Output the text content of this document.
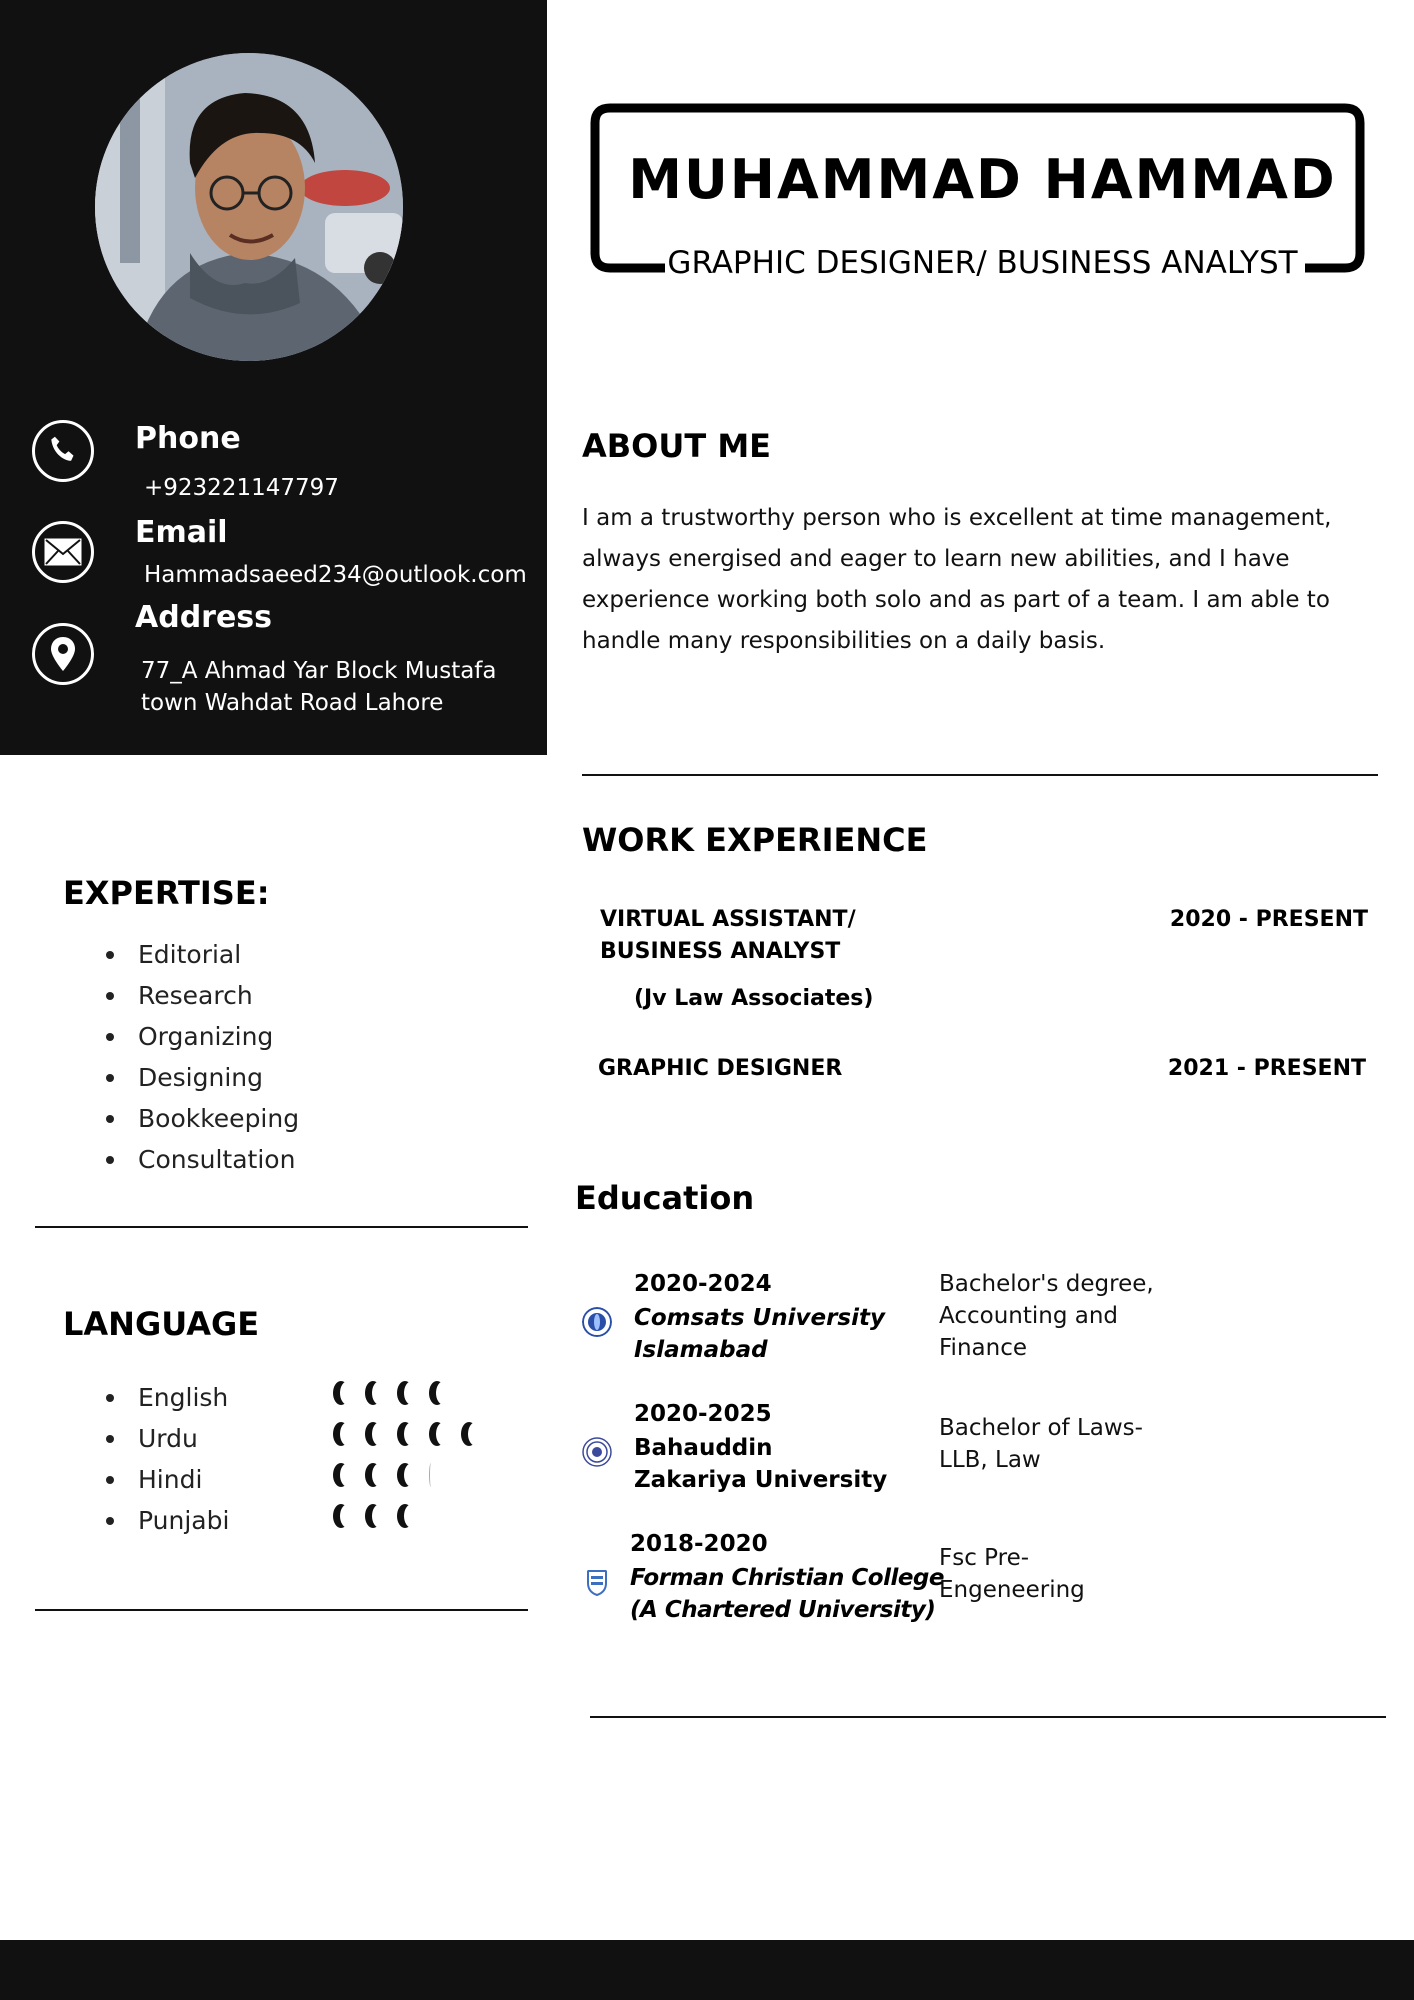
Phone
+923221147797
Email
Hammadsaeed234@outlook.com
Address
77_A Ahmad Yar Block Mustafa
town Wahdat Road Lahore
MUHAMMAD HAMMAD
GRAPHIC DESIGNER/ BUSINESS ANALYST
ABOUT ME
I am a trustworthy person who is excellent at time management, always energised and eager to learn new abilities, and I have experience working both solo and as part of a team. I am able to handle many responsibilities on a daily basis.
WORK EXPERIENCE
VIRTUAL ASSISTANT/
BUSINESS ANALYST
(Jv Law Associates)
2020 - PRESENT
GRAPHIC DESIGNER	2021 - PRESENT
EXPERTISE:
Editorial
Research
Organizing
Designing
Bookkeeping
Consultation
LANGUAGE
English
Urdu
Hindi
Punjabi
Education
2020-2024
Comsats University
Islamabad
Bachelor's degree,
Accounting and
Finance
2020-2025
Bahauddin
Zakariya University
Bachelor of Laws-
LLB, Law
2018-2020
Forman Christian College
(A Chartered University)
Fsc Pre-
Engeneering
